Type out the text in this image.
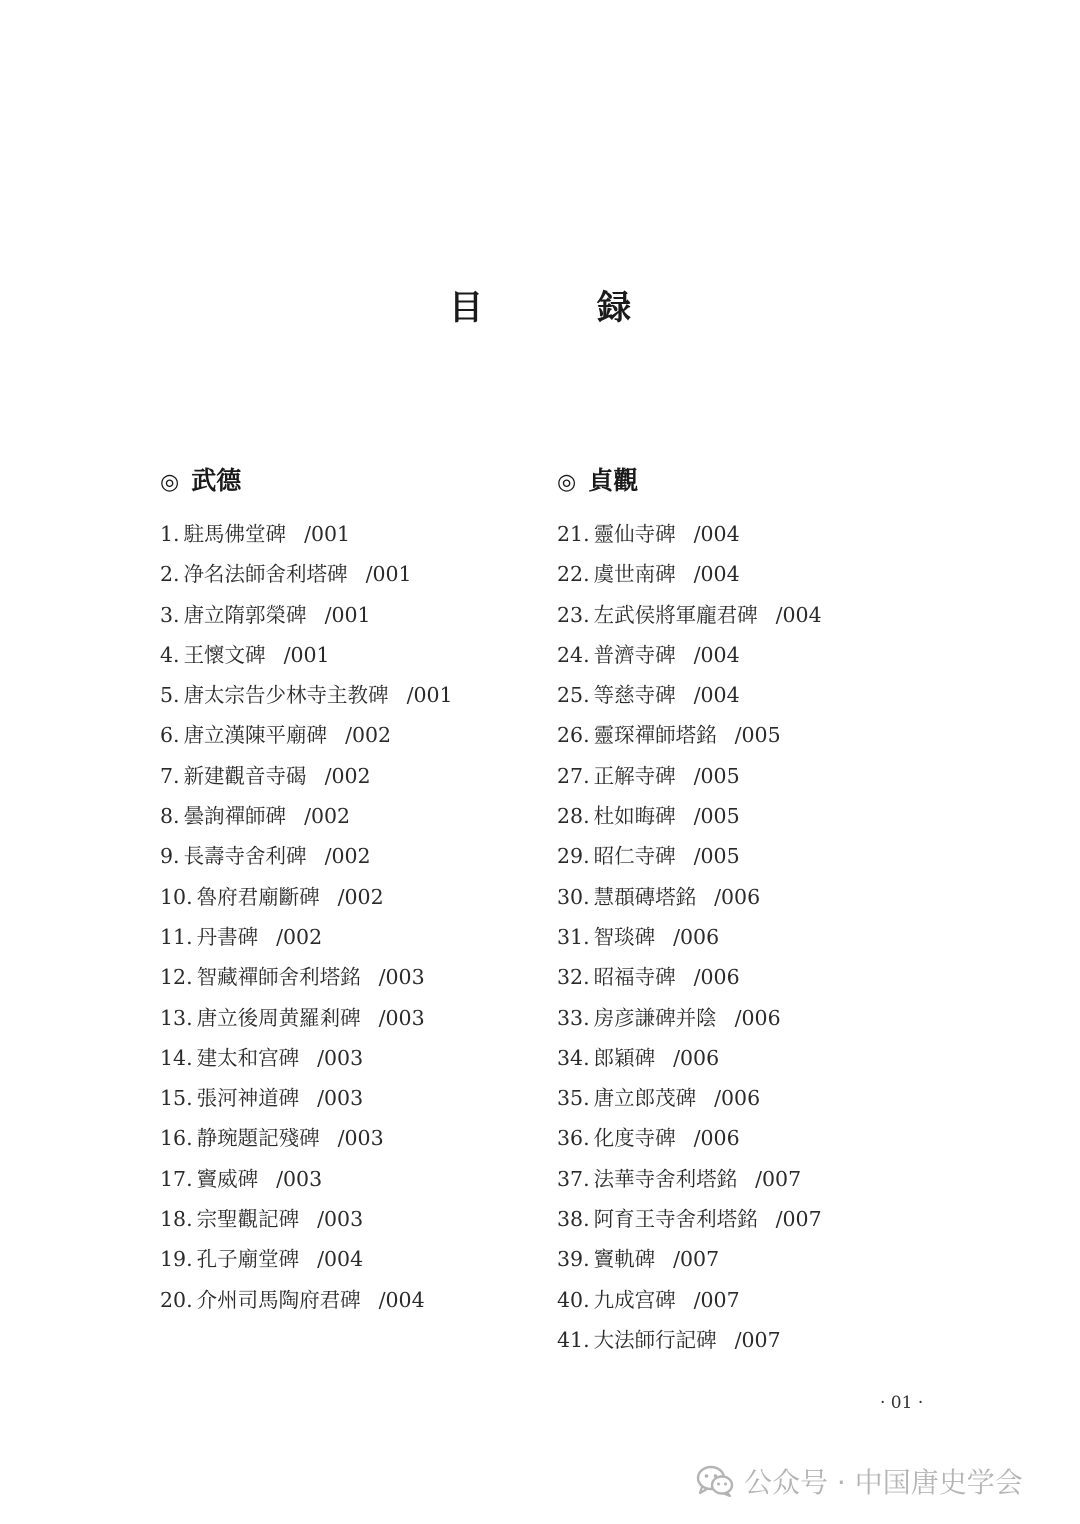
目　録
◎ 武德
1. 駐馬佛堂碑 /001
2. 净名法師舍利塔碑 /001
3. 唐立隋郭榮碑 /001
4. 王懷文碑 /001
5. 唐太宗告少林寺主教碑 /001
6. 唐立漢陳平廟碑 /002
7. 新建觀音寺碣 /002
8. 曇詢禪師碑 /002
9. 長壽寺舍利碑 /002
10. 魯府君廟斷碑 /002
11. 丹書碑 /002
12. 智藏禪師舍利塔銘 /003
13. 唐立後周黄羅剎碑 /003
14. 建太和宫碑 /003
15. 張河神道碑 /003
16. 静琬題記殘碑 /003
17. 竇威碑 /003
18. 宗聖觀記碑 /003
19. 孔子廟堂碑 /004
20. 介州司馬陶府君碑 /004
◎ 貞觀
21. 靈仙寺碑 /004
22. 虞世南碑 /004
23. 左武侯將軍龐君碑 /004
24. 普濟寺碑 /004
25. 等慈寺碑 /004
26. 靈琛禪師塔銘 /005
27. 正解寺碑 /005
28. 杜如晦碑 /005
29. 昭仁寺碑 /005
30. 慧頵磚塔銘 /006
31. 智琰碑 /006
32. 昭福寺碑 /006
33. 房彦謙碑并陰 /006
34. 郎穎碑 /006
35. 唐立郎茂碑 /006
36. 化度寺碑 /006
37. 法華寺舍利塔銘 /007
38. 阿育王寺舍利塔銘 /007
39. 竇軌碑 /007
40. 九成宫碑 /007
41. 大法師行記碑 /007
· 01 ·
公众号 · 中国唐史学会
